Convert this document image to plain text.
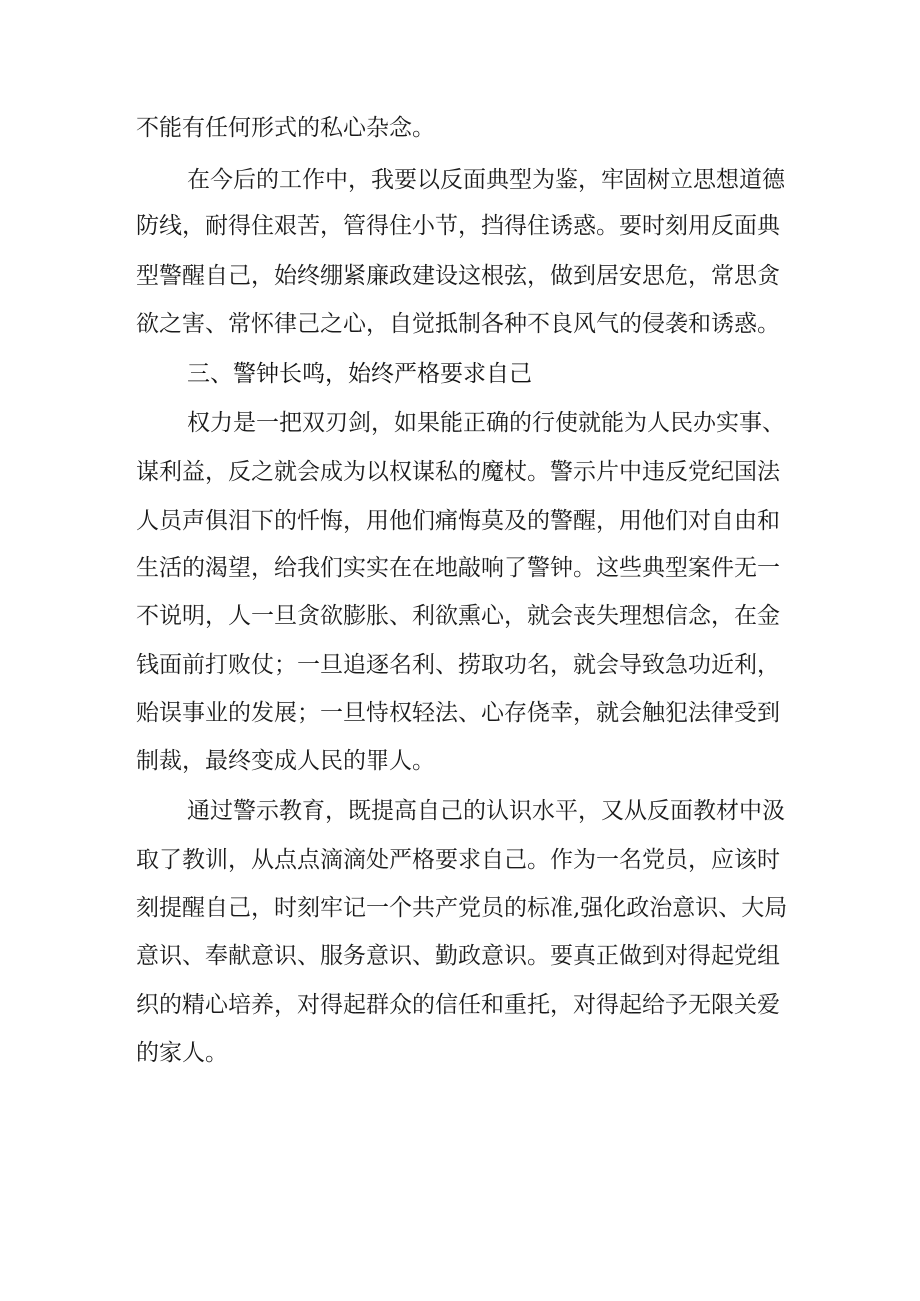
不能有任何形式的私心杂念。

在今后的工作中，我要以反面典型为鉴，牢固树立思想道德

防线，耐得住艰苦，管得住小节，挡得住诱惑。要时刻用反面典

型警醒自己，始终绷紧廉政建设这根弦，做到居安思危，常思贪

欲之害、常怀律己之心，自觉抵制各种不良风气的侵袭和诱惑。

三、警钟长鸣，始终严格要求自己

权力是一把双刃剑，如果能正确的行使就能为人民办实事、

谋利益，反之就会成为以权谋私的魔杖。警示片中违反党纪国法

人员声俱泪下的忏悔，用他们痛悔莫及的警醒，用他们对自由和

生活的渴望，给我们实实在在地敲响了警钟。这些典型案件无一

不说明，人一旦贪欲膨胀、利欲熏心，就会丧失理想信念，在金

钱面前打败仗；一旦追逐名利、捞取功名，就会导致急功近利，

贻误事业的发展；一旦恃权轻法、心存侥幸，就会触犯法律受到

制裁，最终变成人民的罪人。

通过警示教育，既提高自己的认识水平，又从反面教材中汲

取了教训，从点点滴滴处严格要求自己。作为一名党员，应该时

刻提醒自己，时刻牢记一个共产党员的标准,强化政治意识、大局

意识、奉献意识、服务意识、勤政意识。要真正做到对得起党组

织的精心培养，对得起群众的信任和重托，对得起给予无限关爱

的家人。
